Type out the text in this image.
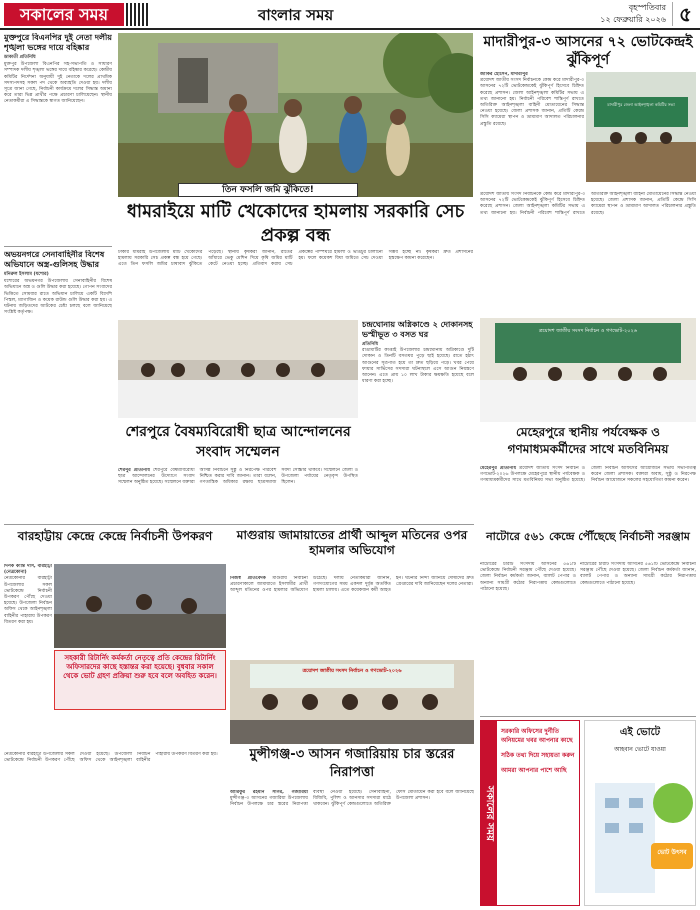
সকালের সময়	বাংলার সময়	বৃহস্পতিবার
১২ ফেব্রুয়ারি ২০২৬ ৫
মুক্তপুরে বিএনপির দুই নেতা দলীয় শৃঙ্খলা ভঙ্গের দায়ে বহিষ্কার
ডাকাতী প্রতিনিধি
মুক্তপুর উপজেলা বিএনপির সহ-সভাপতি ও সাধারণ সম্পাদক দলীয় শৃঙ্খলা ভঙ্গের দায়ে বহিষ্কার করেছে। কেন্দ্রীয় কমিটির নির্দেশনা অনুযায়ী দুই নেতাকে দলের প্রাথমিক সদস্যপদসহ সকল পদ থেকে অব্যাহতি দেওয়া হয়। দলীয় সূত্রে জানা গেছে, নির্বাচনী কার্যক্রমে দলের সিদ্ধান্ত অমান্য করে তারা ভিন্ন প্রার্থীর পক্ষে প্রচারণা চালিয়েছেন। স্থানীয় নেতাকর্মীরা এ সিদ্ধান্তকে স্বাগত জানিয়েছেন।
তিন ফসলি জমি ঝুঁকিতে!
ধামরাইয়ে মাটি খেকোদের হামলায় সরকারি সেচ প্রকল্প বন্ধ
ঢাকার ধামরাই উপজেলায় মাটি খেকোদের হামলায় সরকারি সেচ প্রকল্প বন্ধ হয়ে গেছে। এতে তিন ফসলি জমির চাষাবাদ ঝুঁকিতে পড়েছে। স্থানীয় কৃষকরা জানান, রাতের আঁধারে ভেকু মেশিন দিয়ে কৃষি জমির মাটি কেটে নেওয়া হচ্ছে। প্রতিবাদ করায় সেচ প্রকল্পের পাম্পঘরে হামলা ও ভাঙচুর চালানো হয়। ফলে কয়েকশ বিঘা জমিতে সেচ দেওয়া সম্ভব হচ্ছে না। কৃষকরা দ্রুত প্রশাসনের হস্তক্ষেপ কামনা করেছেন।
অভয়নগরে সেনাবাহিনীর বিশেষ অভিযানে অস্ত্র-গুলিসহ উদ্ধার
মনিরুল ইসলাম (যশোর)
যশোরের অভয়নগর উপজেলায় সেনাবাহিনীর বিশেষ অভিযানে অস্ত্র ও গুলি উদ্ধার করা হয়েছে। গোপন সংবাদের ভিত্তিতে সোমবার রাতে অভিযান চালিয়ে একটি বিদেশি পিস্তল, ম্যাগাজিন ও কয়েক রাউন্ড গুলি উদ্ধার করা হয়। এ ঘটনায় জড়িতদের আটকের চেষ্টা চলছে বলে জানিয়েছে সংশ্লিষ্ট কর্তৃপক্ষ।
মাদারীপুর-৩ আসনের ৭২ ভোটকেন্দ্রই ঝুঁকিপূর্ণ
জাকির হোসেন, মাদারীপুর
ত্রয়োদশ জাতীয় সংসদ নির্বাচনকে কেন্দ্র করে মাদারীপুর-৩ আসনের ৭২টি ভোটকেন্দ্রকেই ঝুঁকিপূর্ণ হিসেবে চিহ্নিত করেছে প্রশাসন। জেলা আইনশৃঙ্খলা কমিটির সভায় এ তথ্য জানানো হয়। নির্বাচনী পরিবেশ শান্তিপূর্ণ রাখতে অতিরিক্ত আইনশৃঙ্খলা বাহিনী মোতায়েনের সিদ্ধান্ত নেওয়া হয়েছে। জেলা প্রশাসক জানান, প্রতিটি কেন্দ্রে সিসি ক্যামেরা স্থাপন ও ভ্রাম্যমাণ আদালত পরিচালনার প্রস্তুতি রয়েছে।
মাদারীপুর জেলা আইনশৃঙ্খলা কমিটির সভা
ত্রয়োদশ জাতীয় সংসদ নির্বাচনকে কেন্দ্র করে মাদারীপুর-৩ আসনের ৭২টি ভোটকেন্দ্রকেই ঝুঁকিপূর্ণ হিসেবে চিহ্নিত করেছে প্রশাসন। জেলা আইনশৃঙ্খলা কমিটির সভায় এ তথ্য জানানো হয়। নির্বাচনী পরিবেশ শান্তিপূর্ণ রাখতে অতিরিক্ত আইনশৃঙ্খলা বাহিনী মোতায়েনের সিদ্ধান্ত নেওয়া হয়েছে। জেলা প্রশাসক জানান, প্রতিটি কেন্দ্রে সিসি ক্যামেরা স্থাপন ও ভ্রাম্যমাণ আদালত পরিচালনার প্রস্তুতি রয়েছে।
চন্দ্রঘোনায় অগ্নিকাণ্ডে ২ দোকানসহ ভস্মীভূত ৩ বসত ঘর
প্রতিনিধি
রাঙামাটির কাপ্তাই উপজেলার চন্দ্রঘোনায় অগ্নিকাণ্ডে দুটি দোকান ও তিনটি বসতঘর পুড়ে ছাই হয়েছে। রাতে হঠাৎ আগুনের সূত্রপাত হয়ে তা দ্রুত ছড়িয়ে পড়ে। খবর পেয়ে ফায়ার সার্ভিসের সদস্যরা ঘটনাস্থলে এসে আগুন নিয়ন্ত্রণে আনেন। এতে প্রায় ১০ লাখ টাকার ক্ষয়ক্ষতি হয়েছে বলে ধারণা করা হচ্ছে।
শেরপুরে বৈষম্যবিরোধী ছাত্র আন্দোলনের সংবাদ সম্মেলন
শেরপুর প্রতিনিধি শেরপুরে বৈষম্যবিরোধী ছাত্র আন্দোলনের উদ্যোগে সংবাদ সম্মেলন অনুষ্ঠিত হয়েছে। সম্মেলনে বক্তারা আসন্ন নির্বাচনে সুষ্ঠু ও নিরপেক্ষ পরিবেশ নিশ্চিত করার দাবি জানান। তারা বলেন, গণতান্ত্রিক অধিকার রক্ষায় ছাত্রসমাজ সর্বদা সোচ্চার থাকবে। সম্মেলনে জেলা ও উপজেলা পর্যায়ের নেতৃবৃন্দ উপস্থিত ছিলেন।
ত্রয়োদশ জাতীয় সংসদ নির্বাচন ও গণভোট-২০২৬
মেহেরপুরে স্থানীয় পর্যবেক্ষক ও গণমাধ্যমকর্মীদের সাথে মতবিনিময়
মেহেরপুর প্রতিনিধি ত্রয়োদশ জাতীয় সংসদ নির্বাচন ও গণভোট-২০২৬ উপলক্ষে মেহেরপুরে স্থানীয় পর্যবেক্ষক ও গণমাধ্যমকর্মীদের সাথে মতবিনিময় সভা অনুষ্ঠিত হয়েছে। জেলা নির্বাচন অফিসের আয়োজনে সভায় সভাপতিত্ব করেন জেলা প্রশাসক। বক্তারা অবাধ, সুষ্ঠু ও নিরপেক্ষ নির্বাচন আয়োজনে সকলের সহযোগিতা কামনা করেন।
বারহাট্টায় কেন্দ্রে কেন্দ্রে নির্বাচনী উপকরণ
দিপক কান্তি দাস, বারহাট্টা (নেত্রকোনা)
নেত্রকোনার বারহাট্টা উপজেলার সকল ভোটকেন্দ্রে নির্বাচনী উপকরণ পৌঁছে দেওয়া হয়েছে। উপজেলা নির্বাচন অফিস থেকে আইনশৃঙ্খলা বাহিনীর পাহারায় উপকরণ বিতরণ করা হয়।
সহকারী রিটার্নিং কর্মকর্তা নেতৃত্বে প্রতি কেন্দ্রের রিটার্নিং অফিসারদের কাছে হস্তান্তর করা হয়েছে। বুধবার সকাল থেকে ভোট গ্রহণ প্রক্রিয়া শুরু হবে বলে অবহিত করেন।
মাগুরায় জামায়াতের প্রার্থী আব্দুল মতিনের ওপর হামলার অভিযোগ
নিজস্ব প্রতিবেদক মাগুরায় নির্বাচনী প্রচারণাকালে জামায়াতে ইসলামীর প্রার্থী আব্দুল মতিনের ওপর হামলার অভিযোগ উঠেছে। দলীয় নেতাকর্মীরা জানান, গণসংযোগের সময় একদল দুর্বৃত্ত অতর্কিত হামলা চালায়। এতে কয়েকজন কর্মী আহত হন। ঘটনার নিন্দা জানিয়ে দোষীদের দ্রুত গ্রেপ্তারের দাবি জানিয়েছেন দলের নেতারা।
নাটোরে ৫৬১ কেন্দ্রে পৌঁছেছে নির্বাচনী সরঞ্জাম
নাটোরের চারটি সংসদীয় আসনের ৫৬১টি ভোটকেন্দ্রে নির্বাচনী সরঞ্জাম পৌঁছে দেওয়া হয়েছে। জেলা নির্বাচন কর্মকর্তা জানান, ব্যালট পেপার ও অন্যান্য সামগ্রী কঠোর নিরাপত্তায় কেন্দ্রগুলোতে পাঠানো হয়েছে।
নাটোরের চারটি সংসদীয় আসনের ৫৬১টি ভোটকেন্দ্রে নির্বাচনী সরঞ্জাম পৌঁছে দেওয়া হয়েছে। জেলা নির্বাচন কর্মকর্তা জানান, ব্যালট পেপার ও অন্যান্য সামগ্রী কঠোর নিরাপত্তায় কেন্দ্রগুলোতে পাঠানো হয়েছে।
ত্রয়োদশ জাতীয় সংসদ নির্বাচন ও গণভোট-২০২৬
মুন্সীগঞ্জ-৩ আসন গজারিয়ায় চার স্তরের নিরাপত্তা
নেত্রকোনার বারহাট্টা উপজেলার সকল ভোটকেন্দ্রে নির্বাচনী উপকরণ পৌঁছে দেওয়া হয়েছে। উপজেলা নির্বাচন অফিস থেকে আইনশৃঙ্খলা বাহিনীর পাহারায় উপকরণ বিতরণ করা হয়।
আরিফুর রহমান সাগর, গজারিয়া মুন্সীগঞ্জ-৩ আসনের গজারিয়া উপজেলায় নির্বাচন উপলক্ষে চার স্তরের নিরাপত্তা ব্যবস্থা নেওয়া হয়েছে। সেনাবাহিনী, বিজিবি, পুলিশ ও আনসার সদস্যরা মাঠে থাকবেন। ঝুঁকিপূর্ণ কেন্দ্রগুলোতে অতিরিক্ত ফোর্স মোতায়েন করা হবে বলে জানিয়েছে উপজেলা প্রশাসন।	সকালের সময়

সরকারি অফিসের দুর্নীতি অনিয়মের খবর আপনার কাছে

সঠিক তথ্য দিয়ে সহায়তা করুন

আমরা আপনার পাশে আছি

এই ভোটে
আহবান ভোটে যাওয়া
ভোট উৎসব
